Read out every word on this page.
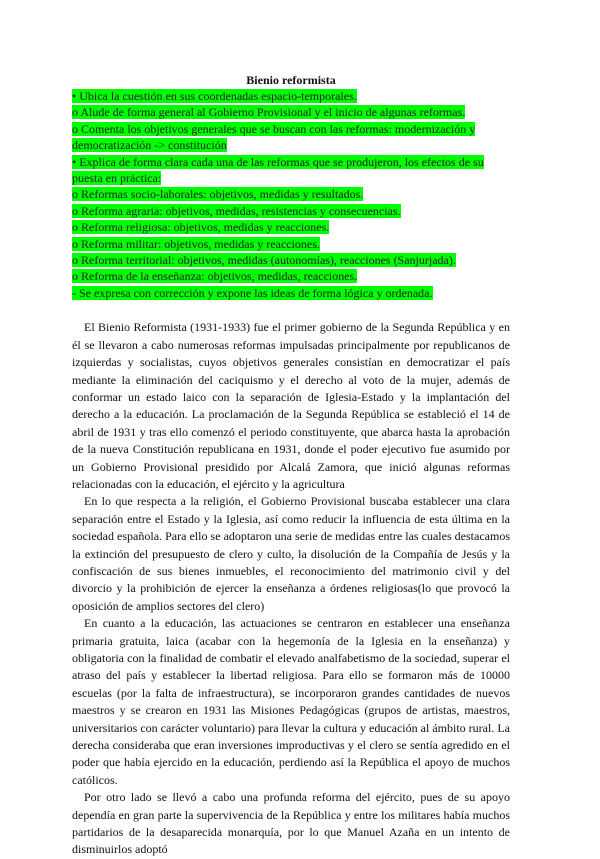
Bienio reformista
• Ubica la cuestión en sus coordenadas espacio-temporales.
o Alude de forma general al Gobierno Provisional y el inicio de algunas reformas.
o Comenta los objetivos generales que se buscan con las reformas: modernización y democratización -> constitución
• Explica de forma clara cada una de las reformas que se produjeron, los efectos de su puesta en práctica:
o Reformas socio-laborales: objetivos, medidas y resultados.
o Reforma agraria: objetivos, medidas, resistencias y consecuencias.
o Reforma religiosa: objetivos, medidas y reacciones.
o Reforma militar: objetivos, medidas y reacciones.
o Reforma territorial: objetivos, medidas (autonomías), reacciones (Sanjurjada).
o Reforma de la enseñanza: objetivos, medidas, reacciones.
- Se expresa con corrección y expone las ideas de forma lógica y ordenada.

El Bienio Reformista (1931-1933) fue el primer gobierno de la Segunda República y en él se llevaron a cabo numerosas reformas impulsadas principalmente por republicanos de izquierdas y socialistas, cuyos objetivos generales consistían en democratizar el país mediante la eliminación del caciquismo y el derecho al voto de la mujer, además de conformar un estado laico con la separación de Iglesia-Estado y la implantación del derecho a la educación. La proclamación de la Segunda República se estableció el 14 de abril de 1931 y tras ello comenzó el periodo constituyente, que abarca hasta la aprobación de la nueva Constitución republicana en 1931, donde el poder ejecutivo fue asumido por un Gobierno Provisional presidido por Alcalá Zamora, que inició algunas reformas relacionadas con la educación, el ejército y la agricultura

En lo que respecta a la religión, el Gobierno Provisional buscaba establecer una clara separación entre el Estado y la Iglesia, así como reducir la influencia de esta última en la sociedad española. Para ello se adoptaron una serie de medidas entre las cuales destacamos la extinción del presupuesto de clero y culto, la disolución de la Compañía de Jesús y la confiscación de sus bienes inmuebles, el reconocimiento del matrimonio civil y del divorcio y la prohibición de ejercer la enseñanza a órdenes religiosas(lo que provocó la oposición de amplios sectores del clero)

En cuanto a la educación, las actuaciones se centraron en establecer una enseñanza primaria gratuita, laica (acabar con la hegemonía de la Iglesia en la enseñanza) y obligatoria con la finalidad de combatir el elevado analfabetismo de la sociedad, superar el atraso del país y establecer la libertad religiosa. Para ello se formaron más de 10000 escuelas (por la falta de infraestructura), se incorporaron grandes cantidades de nuevos maestros y se crearon en 1931 las Misiones Pedagógicas (grupos de artistas, maestros, universitarios con carácter voluntario) para llevar la cultura y educación al ámbito rural. La derecha consideraba que eran inversiones improductivas y el clero se sentía agredido en el poder que había ejercido en la educación, perdiendo así la República el apoyo de muchos católicos.

Por otro lado se llevó a cabo una profunda reforma del ejército, pues de su apoyo dependía en gran parte la supervivencia de la República y entre los militares había muchos partidarios de la desaparecida monarquía, por lo que Manuel Azaña en un intento de disminuirlos adoptó
